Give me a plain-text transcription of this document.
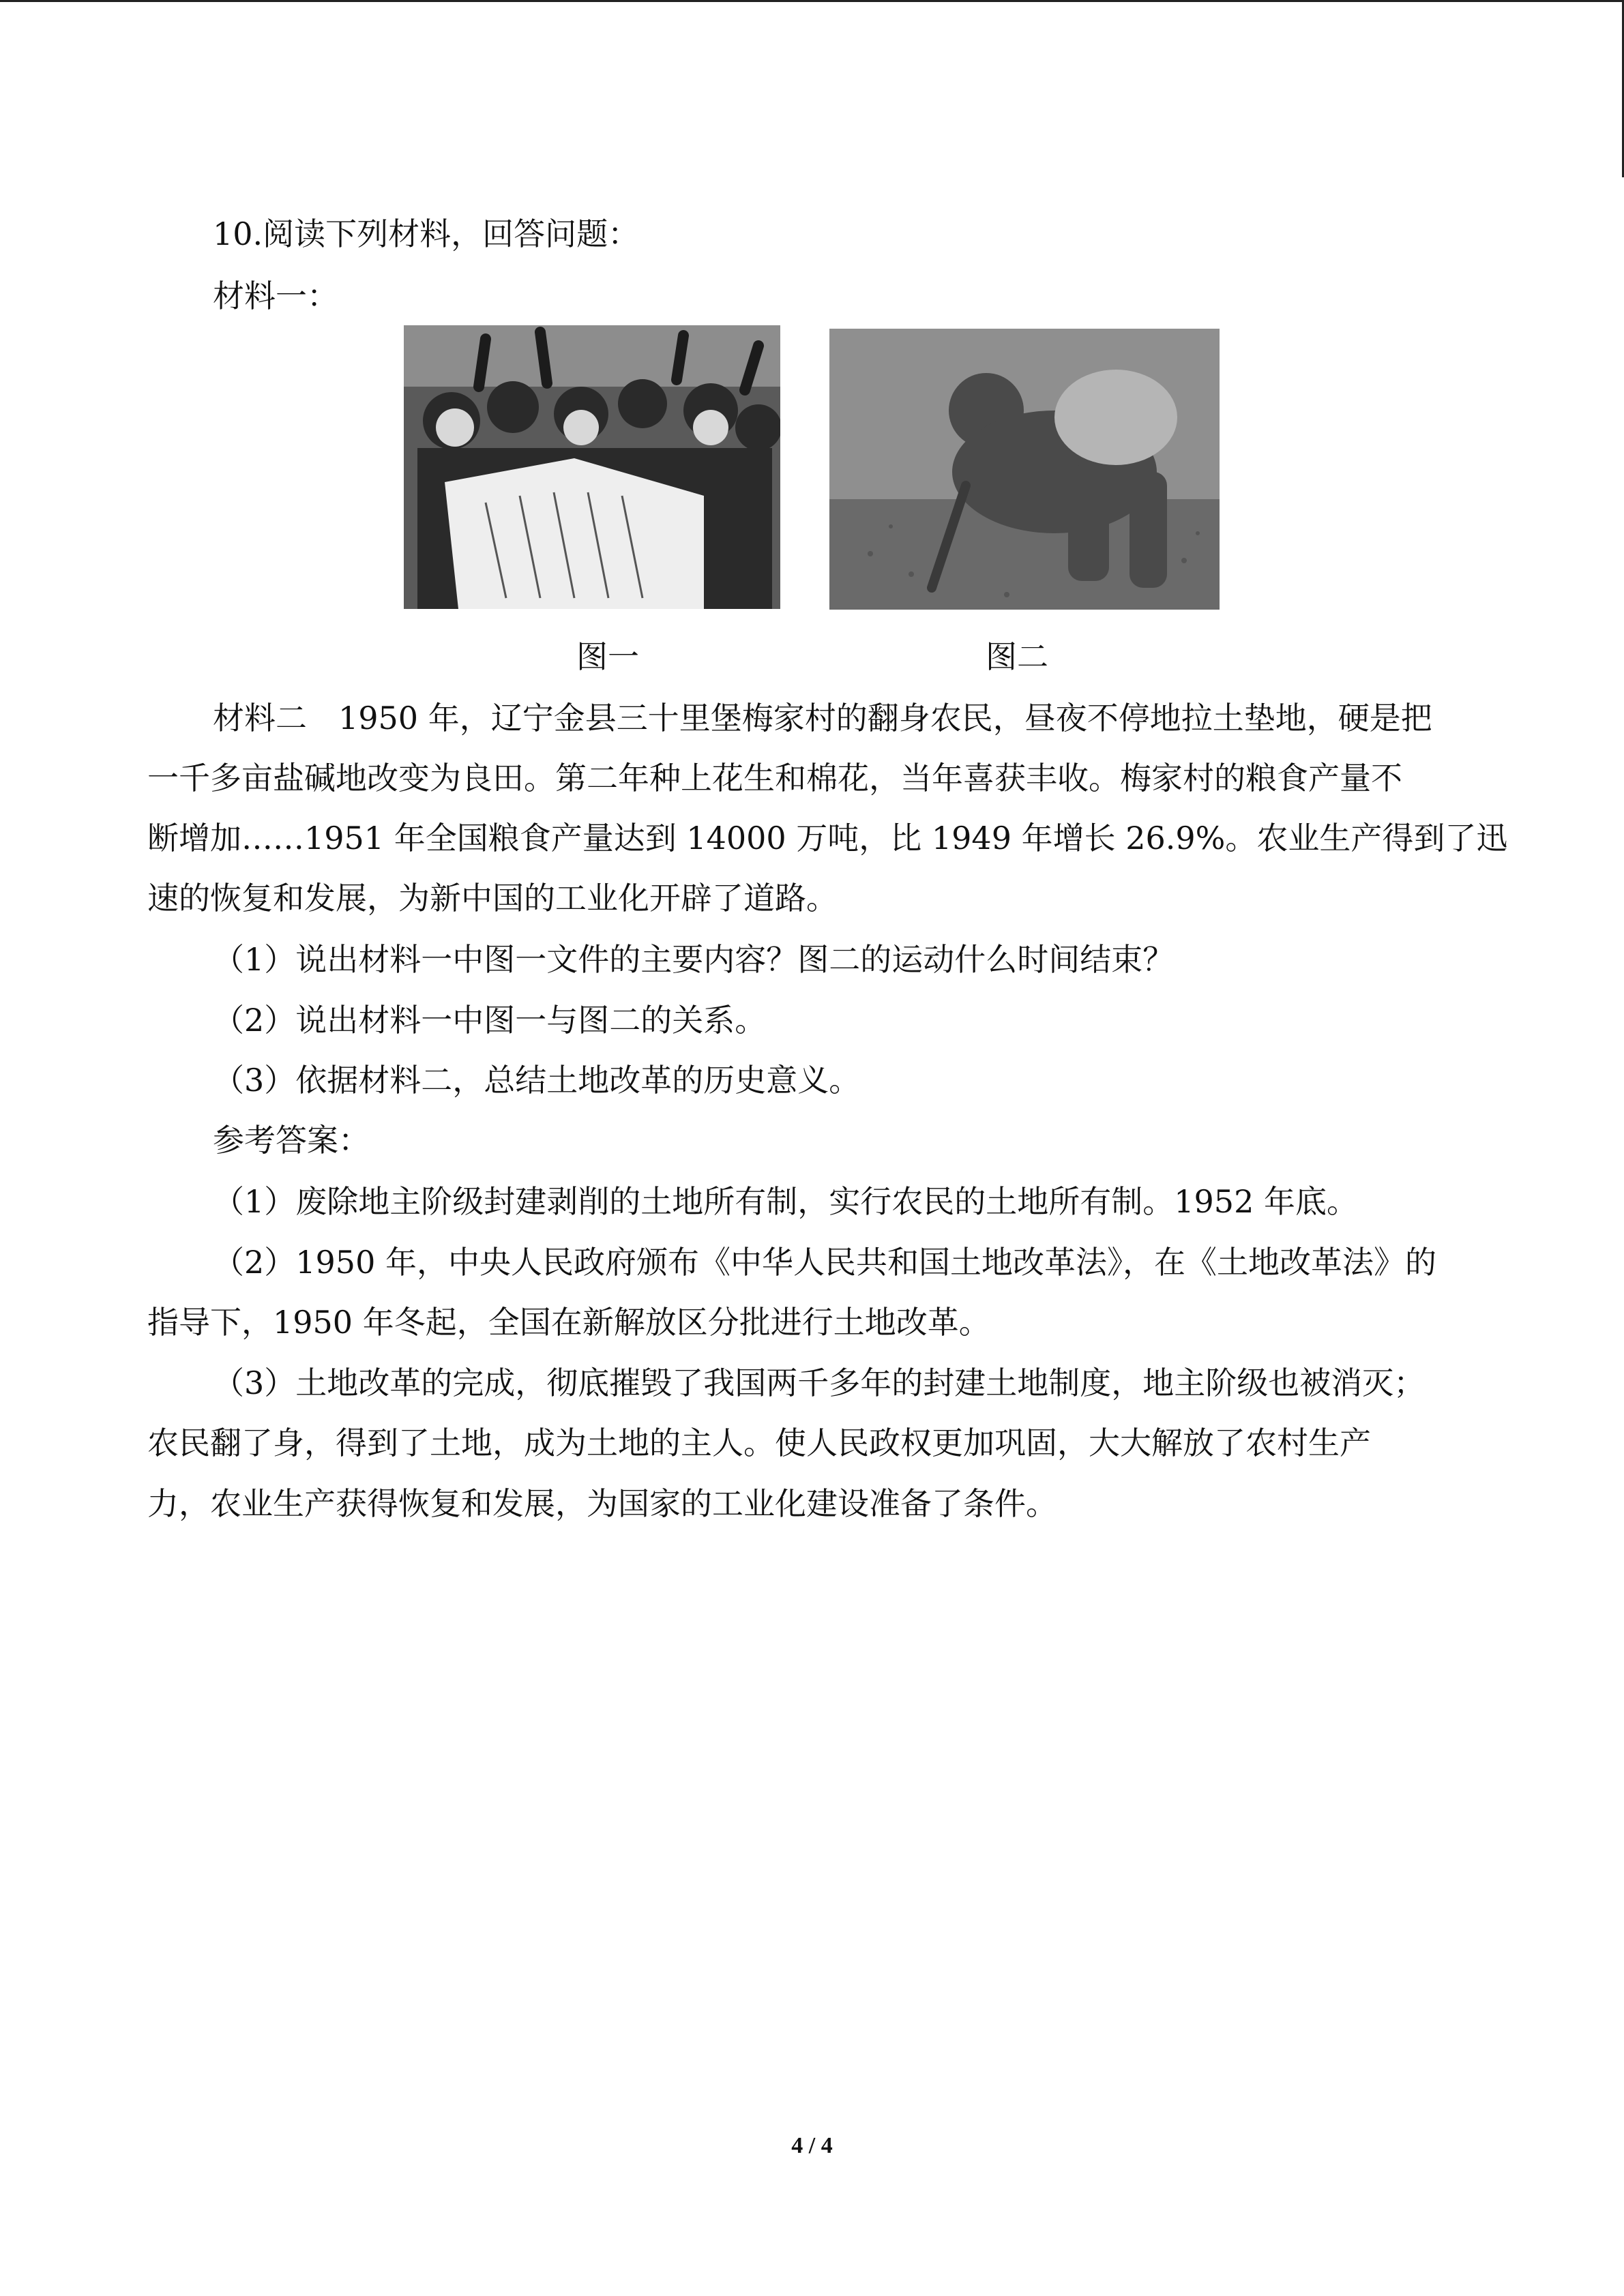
10.阅读下列材料，回答问题：
材料一：
图一	图二
材料二　1950 年，辽宁金县三十里堡梅家村的翻身农民，昼夜不停地拉土垫地，硬是把
一千多亩盐碱地改变为良田。第二年种上花生和棉花，当年喜获丰收。梅家村的粮食产量不
断增加……1951 年全国粮食产量达到 14000 万吨，比 1949 年增长 26.9%。农业生产得到了迅
速的恢复和发展，为新中国的工业化开辟了道路。
（1）说出材料一中图一文件的主要内容？图二的运动什么时间结束？
（2）说出材料一中图一与图二的关系。
（3）依据材料二，总结土地改革的历史意义。
参考答案：
（1）废除地主阶级封建剥削的土地所有制，实行农民的土地所有制。1952 年底。
（2）1950 年，中央人民政府颁布《中华人民共和国土地改革法》，在《土地改革法》的
指导下，1950 年冬起，全国在新解放区分批进行土地改革。
（3）土地改革的完成，彻底摧毁了我国两千多年的封建土地制度，地主阶级也被消灭；
农民翻了身，得到了土地，成为土地的主人。使人民政权更加巩固，大大解放了农村生产
力，农业生产获得恢复和发展，为国家的工业化建设准备了条件。
4 / 4
